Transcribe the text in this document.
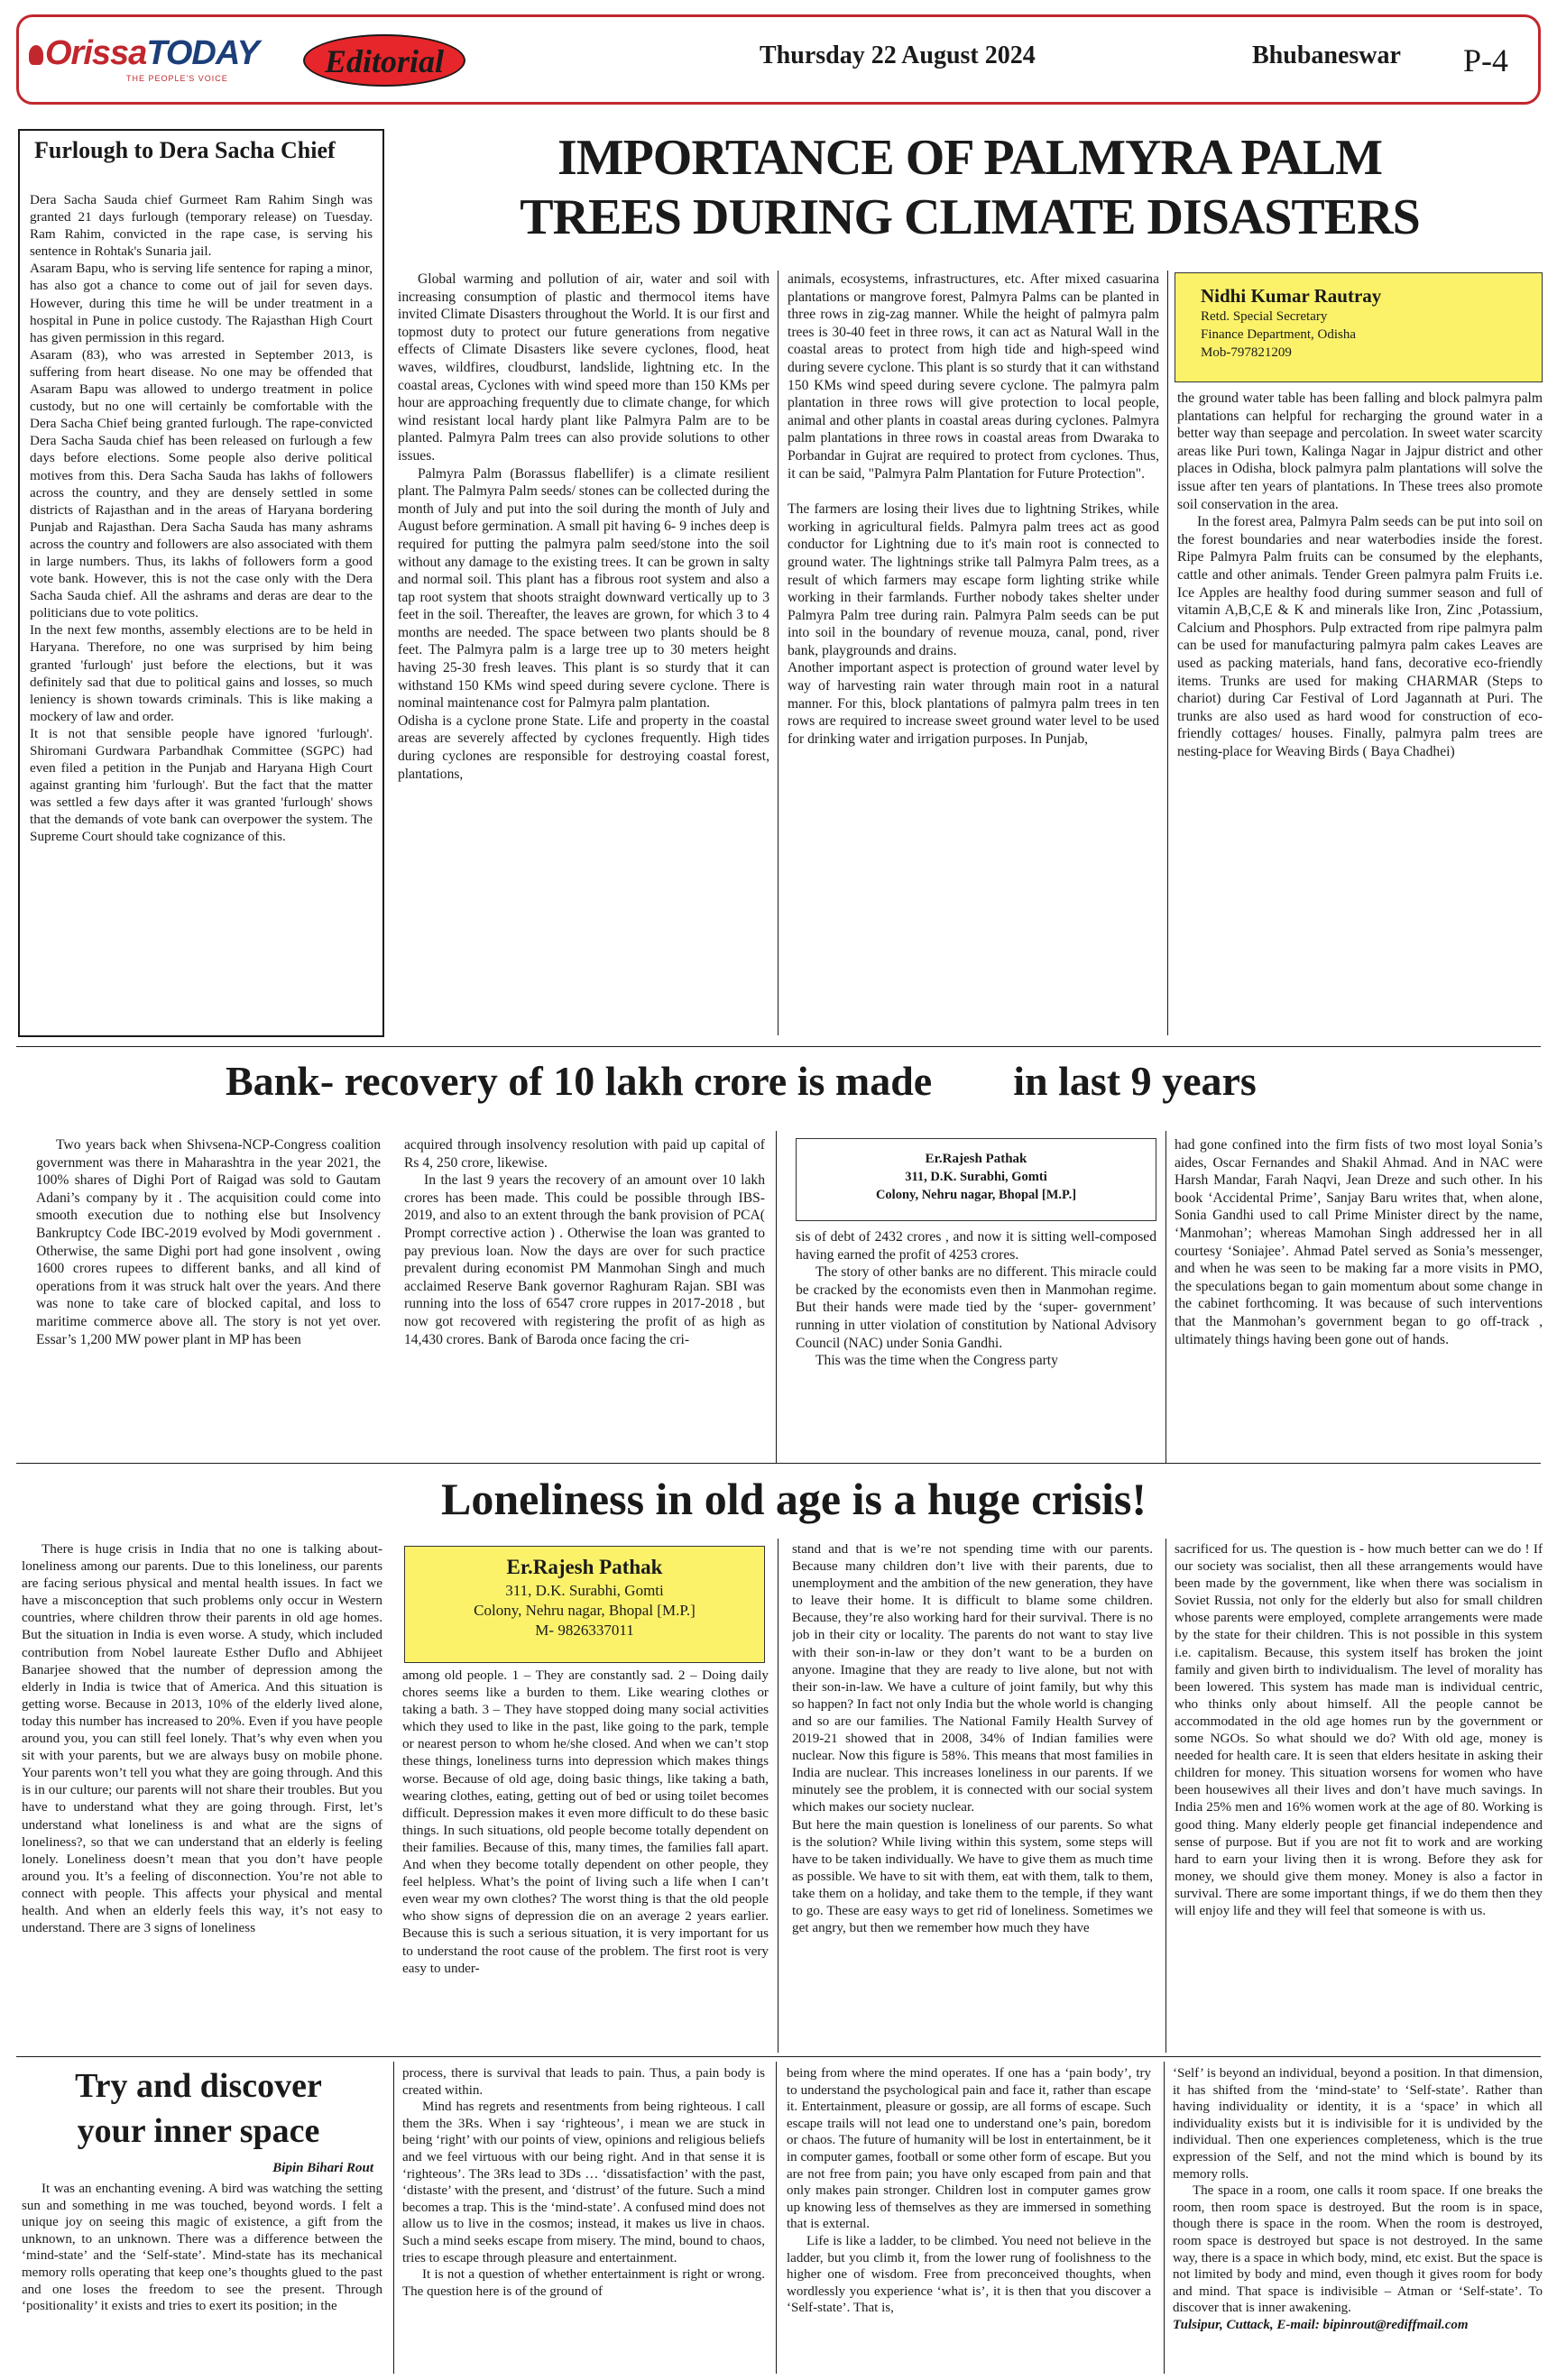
OrissaTODAY
THE PEOPLE'S VOICE	Editorial	Thursday 22 August 2024	Bhubaneswar P-4
Furlough to Dera Sacha Chief

Dera Sacha Sauda chief Gurmeet Ram Rahim Singh was granted 21 days furlough (temporary release) on Tuesday. Ram Rahim, convicted in the rape case, is serving his sentence in Rohtak's Sunaria jail.

Asaram Bapu, who is serving life sentence for raping a minor, has also got a chance to come out of jail for seven days. However, during this time he will be under treatment in a hospital in Pune in police custody. The Rajasthan High Court has given permission in this regard.

Asaram (83), who was arrested in September 2013, is suffering from heart disease. No one may be offended that Asaram Bapu was allowed to undergo treatment in police custody, but no one will certainly be comfortable with the Dera Sacha Chief being granted furlough. The rape-convicted Dera Sacha Sauda chief has been released on furlough a few days before elections. Some people also derive political motives from this. Dera Sacha Sauda has lakhs of followers across the country, and they are densely settled in some districts of Rajasthan and in the areas of Haryana bordering Punjab and Rajasthan. Dera Sacha Sauda has many ashrams across the country and followers are also associated with them in large numbers. Thus, its lakhs of followers form a good vote bank. However, this is not the case only with the Dera Sacha Sauda chief. All the ashrams and deras are dear to the politicians due to vote politics.

In the next few months, assembly elections are to be held in Haryana. Therefore, no one was surprised by him being granted 'furlough' just before the elections, but it was definitely sad that due to political gains and losses, so much leniency is shown towards criminals. This is like making a mockery of law and order.

It is not that sensible people have ignored 'furlough'. Shiromani Gurdwara Parbandhak Committee (SGPC) had even filed a petition in the Punjab and Haryana High Court against granting him 'furlough'. But the fact that the matter was settled a few days after it was granted 'furlough' shows that the demands of vote bank can overpower the system. The Supreme Court should take cognizance of this.

IMPORTANCE OF PALMYRA PALM
TREES DURING CLIMATE DISASTERS

Global warming and pollution of air, water and soil with increasing consumption of plastic and thermocol items have invited Climate Disasters throughout the World. It is our first and topmost duty to protect our future generations from negative effects of Climate Disasters like severe cyclones, flood, heat waves, wildfires, cloudburst, landslide, lightning etc. In the coastal areas, Cyclones with wind speed more than 150 KMs per hour are approaching frequently due to climate change, for which wind resistant local hardy plant like Palmyra Palm are to be planted. Palmyra Palm trees can also provide solutions to other issues.

Palmyra Palm (Borassus flabellifer) is a climate resilient plant. The Palmyra Palm seeds/ stones can be collected during the month of July and put into the soil during the month of July and August before germination. A small pit having 6- 9 inches deep is required for putting the palmyra palm seed/stone into the soil without any damage to the existing trees. It can be grown in salty and normal soil. This plant has a fibrous root system and also a tap root system that shoots straight downward vertically up to 3 feet in the soil. Thereafter, the leaves are grown, for which 3 to 4 months are needed. The space between two plants should be 8 feet. The Palmyra palm is a large tree up to 30 meters height having 25-30 fresh leaves. This plant is so sturdy that it can withstand 150 KMs wind speed during severe cyclone. There is nominal maintenance cost for Palmyra palm plantation.

Odisha is a cyclone prone State. Life and property in the coastal areas are severely affected by cyclones frequently. High tides during cyclones are responsible for destroying coastal forest, plantations,

animals, ecosystems, infrastructures, etc. After mixed casuarina plantations or mangrove forest, Palmyra Palms can be planted in three rows in zig-zag manner. While the height of palmyra palm trees is 30-40 feet in three rows, it can act as Natural Wall in the coastal areas to protect from high tide and high-speed wind during severe cyclone. This plant is so sturdy that it can withstand 150 KMs wind speed during severe cyclone. The palmyra palm plantation in three rows will give protection to local people, animal and other plants in coastal areas during cyclones. Palmyra palm plantations in three rows in coastal areas from Dwaraka to Porbandar in Gujrat are required to protect from cyclones. Thus, it can be said, "Palmyra Palm Plantation for Future Protection".

The farmers are losing their lives due to lightning Strikes, while working in agricultural fields. Palmyra palm trees act as good conductor for Lightning due to it's main root is connected to ground water. The lightnings strike tall Palmyra Palm trees, as a result of which farmers may escape form lighting strike while working in their farmlands. Further nobody takes shelter under Palmyra Palm tree during rain. Palmyra Palm seeds can be put into soil in the boundary of revenue mouza, canal, pond, river bank, playgrounds and drains.

Another important aspect is protection of ground water level by way of harvesting rain water through main root in a natural manner. For this, block plantations of palmyra palm trees in ten rows are required to increase sweet ground water level to be used for drinking water and irrigation purposes. In Punjab,

Nidhi Kumar Rautray
Retd. Special Secretary
Finance Department, Odisha
Mob-797821209

the ground water table has been falling and block palmyra palm plantations can helpful for recharging the ground water in a better way than seepage and percolation. In sweet water scarcity areas like Puri town, Kalinga Nagar in Jajpur district and other places in Odisha, block palmyra palm plantations will solve the issue after ten years of plantations. In These trees also promote soil conservation in the area.

In the forest area, Palmyra Palm seeds can be put into soil on the forest boundaries and near waterbodies inside the forest. Ripe Palmyra Palm fruits can be consumed by the elephants, cattle and other animals. Tender Green palmyra palm Fruits i.e. Ice Apples are healthy food during summer season and full of vitamin A,B,C,E & K and minerals like Iron, Zinc ,Potassium, Calcium and Phosphors. Pulp extracted from ripe palmyra palm can be used for manufacturing palmyra palm cakes Leaves are used as packing materials, hand fans, decorative eco-friendly items. Trunks are used for making CHARMAR (Steps to chariot) during Car Festival of Lord Jagannath at Puri. The trunks are also used as hard wood for construction of eco-friendly cottages/ houses. Finally, palmyra palm trees are nesting-place for Weaving Birds ( Baya Chadhei)

Bank- recovery of 10 lakh crore is made in last 9 years

Two years back when Shivsena-NCP-Congress coalition government was there in Maharashtra in the year 2021, the 100% shares of Dighi Port of Raigad was sold to Gautam Adani’s company by it . The acquisition could come into smooth execution due to nothing else but Insolvency Bankruptcy Code IBC-2019 evolved by Modi government . Otherwise, the same Dighi port had gone insolvent , owing 1600 crores rupees to different banks, and all kind of operations from it was struck halt over the years. And there was none to take care of blocked capital, and loss to maritime commerce above all. The story is not yet over. Essar’s 1,200 MW power plant in MP has been

acquired through insolvency resolution with paid up capital of Rs 4, 250 crore, likewise.

In the last 9 years the recovery of an amount over 10 lakh crores has been made. This could be possible through IBS-2019, and also to an extent through the bank provision of PCA( Prompt corrective action ) . Otherwise the loan was granted to pay previous loan. Now the days are over for such practice prevalent during economist PM Manmohan Singh and much acclaimed Reserve Bank governor Raghuram Rajan. SBI was running into the loss of 6547 crore ruppes in 2017-2018 , but now got recovered with registering the profit of as high as 14,430 crores. Bank of Baroda once facing the cri-

Er.Rajesh Pathak
311, D.K. Surabhi, Gomti
Colony, Nehru nagar, Bhopal [M.P.]

sis of debt of 2432 crores , and now it is sitting well-composed having earned the profit of 4253 crores.

The story of other banks are no different. This miracle could be cracked by the economists even then in Manmohan regime. But their hands were made tied by the ‘super- government’ running in utter violation of constitution by National Advisory Council (NAC) under Sonia Gandhi.

This was the time when the Congress party

had gone confined into the firm fists of two most loyal Sonia’s aides, Oscar Fernandes and Shakil Ahmad. And in NAC were Harsh Mandar, Farah Naqvi, Jean Dreze and such other. In his book ‘Accidental Prime’, Sanjay Baru writes that, when alone, Sonia Gandhi used to call Prime Minister direct by the name, ‘Manmohan’; whereas Mamohan Singh addressed her in all courtesy ‘Soniajee’. Ahmad Patel served as Sonia’s messenger, and when he was seen to be making far a more visits in PMO, the speculations began to gain momentum about some change in the cabinet forthcoming. It was because of such interventions that the Manmohan’s government began to go off-track , ultimately things having been gone out of hands.

Loneliness in old age is a huge crisis!

There is huge crisis in India that no one is talking about-loneliness among our parents. Due to this loneliness, our parents are facing serious physical and mental health issues. In fact we have a misconception that such problems only occur in Western countries, where children throw their parents in old age homes. But the situation in India is even worse. A study, which included contribution from Nobel laureate Esther Duflo and Abhijeet Banarjee showed that the number of depression among the elderly in India is twice that of America. And this situation is getting worse. Because in 2013, 10% of the elderly lived alone, today this number has increased to 20%. Even if you have people around you, you can still feel lonely. That’s why even when you sit with your parents, but we are always busy on mobile phone. Your parents won’t tell you what they are going through. And this is in our culture; our parents will not share their troubles. But you have to understand what they are going through. First, let’s understand what loneliness is and what are the signs of loneliness?, so that we can understand that an elderly is feeling lonely. Loneliness doesn’t mean that you don’t have people around you. It’s a feeling of disconnection. You’re not able to connect with people. This affects your physical and mental health. And when an elderly feels this way, it’s not easy to understand. There are 3 signs of loneliness

Er.Rajesh Pathak
311, D.K. Surabhi, Gomti
Colony, Nehru nagar, Bhopal [M.P.]
M- 9826337011

among old people. 1 – They are constantly sad. 2 – Doing daily chores seems like a burden to them. Like wearing clothes or taking a bath. 3 – They have stopped doing many social activities which they used to like in the past, like going to the park, temple or nearest person to whom he/she closed. And when we can’t stop these things, loneliness turns into depression which makes things worse. Because of old age, doing basic things, like taking a bath, wearing clothes, eating, getting out of bed or using toilet becomes difficult. Depression makes it even more difficult to do these basic things. In such situations, old people become totally dependent on their families. Because of this, many times, the families fall apart. And when they become totally dependent on other people, they feel helpless. What’s the point of living such a life when I can’t even wear my own clothes? The worst thing is that the old people who show signs of depression die on an average 2 years earlier. Because this is such a serious situation, it is very important for us to understand the root cause of the problem. The first root is very easy to under-

stand and that is we’re not spending time with our parents. Because many children don’t live with their parents, due to unemployment and the ambition of the new generation, they have to leave their home. It is difficult to blame some children. Because, they’re also working hard for their survival. There is no job in their city or locality. The parents do not want to stay live with their son-in-law or they don’t want to be a burden on anyone. Imagine that they are ready to live alone, but not with their son-in-law. We have a culture of joint family, but why this so happen? In fact not only India but the whole world is changing and so are our families. The National Family Health Survey of 2019-21 showed that in 2008, 34% of Indian families were nuclear. Now this figure is 58%. This means that most families in India are nuclear. This increases loneliness in our parents. If we minutely see the problem, it is connected with our social system which makes our society nuclear.

But here the main question is loneliness of our parents. So what is the solution? While living within this system, some steps will have to be taken individually. We have to give them as much time as possible. We have to sit with them, eat with them, talk to them, take them on a holiday, and take them to the temple, if they want to go. These are easy ways to get rid of loneliness. Sometimes we get angry, but then we remember how much they have

sacrificed for us. The question is - how much better can we do ! If our society was socialist, then all these arrangements would have been made by the government, like when there was socialism in Soviet Russia, not only for the elderly but also for small children whose parents were employed, complete arrangements were made by the state for their children. This is not possible in this system i.e. capitalism. Because, this system itself has broken the joint family and given birth to individualism. The level of morality has been lowered. This system has made man is individual centric, who thinks only about himself. All the people cannot be accommodated in the old age homes run by the government or some NGOs. So what should we do? With old age, money is needed for health care. It is seen that elders hesitate in asking their children for money. This situation worsens for women who have been housewives all their lives and don’t have much savings. In India 25% men and 16% women work at the age of 80. Working is good thing. Many elderly people get financial independence and sense of purpose. But if you are not fit to work and are working hard to earn your living then it is wrong. Before they ask for money, we should give them money. Money is also a factor in survival. There are some important things, if we do them then they will enjoy life and they will feel that someone is with us.

Try and discover
your inner space
Bipin Bihari Rout

It was an enchanting evening. A bird was watching the setting sun and something in me was touched, beyond words. I felt a unique joy on seeing this magic of existence, a gift from the unknown, to an unknown. There was a difference between the ‘mind-state’ and the ‘Self-state’. Mind-state has its mechanical memory rolls operating that keep one’s thoughts glued to the past and one loses the freedom to see the present. Through ‘positionality’ it exists and tries to exert its position; in the

process, there is survival that leads to pain. Thus, a pain body is created within.

Mind has regrets and resentments from being righteous. I call them the 3Rs. When i say ‘righteous’, i mean we are stuck in being ‘right’ with our points of view, opinions and religious beliefs and we feel virtuous with our being right. And in that sense it is ‘righteous’. The 3Rs lead to 3Ds … ‘dissatisfaction’ with the past, ‘distaste’ with the present, and ‘distrust’ of the future. Such a mind becomes a trap. This is the ‘mind-state’. A confused mind does not allow us to live in the cosmos; instead, it makes us live in chaos. Such a mind seeks escape from misery. The mind, bound to chaos, tries to escape through pleasure and entertainment.

It is not a question of whether entertainment is right or wrong. The question here is of the ground of

being from where the mind operates. If one has a ‘pain body’, try to understand the psychological pain and face it, rather than escape it. Entertainment, pleasure or gossip, are all forms of escape. Such escape trails will not lead one to understand one’s pain, boredom or chaos. The future of humanity will be lost in entertainment, be it in computer games, football or some other form of escape. But you are not free from pain; you have only escaped from pain and that only makes pain stronger. Children lost in computer games grow up knowing less of themselves as they are immersed in something that is external.

Life is like a ladder, to be climbed. You need not believe in the ladder, but you climb it, from the lower rung of foolishness to the higher one of wisdom. Free from preconceived thoughts, when wordlessly you experience ‘what is’, it is then that you discover a ‘Self-state’. That is,

‘Self’ is beyond an individual, beyond a position. In that dimension, it has shifted from the ‘mind-state’ to ‘Self-state’. Rather than having individuality or identity, it is a ‘space’ in which all individuality exists but it is indivisible for it is undivided by the individual. Then one experiences completeness, which is the true expression of the Self, and not the mind which is bound by its memory rolls.

The space in a room, one calls it room space. If one breaks the room, then room space is destroyed. But the room is in space, though there is space in the room. When the room is destroyed, room space is destroyed but space is not destroyed. In the same way, there is a space in which body, mind, etc exist. But the space is not limited by body and mind, even though it gives room for body and mind. That space is indivisible – Atman or ‘Self-state’. To discover that is inner awakening.

Tulsipur, Cuttack, E-mail: bipinrout@rediffmail.com
